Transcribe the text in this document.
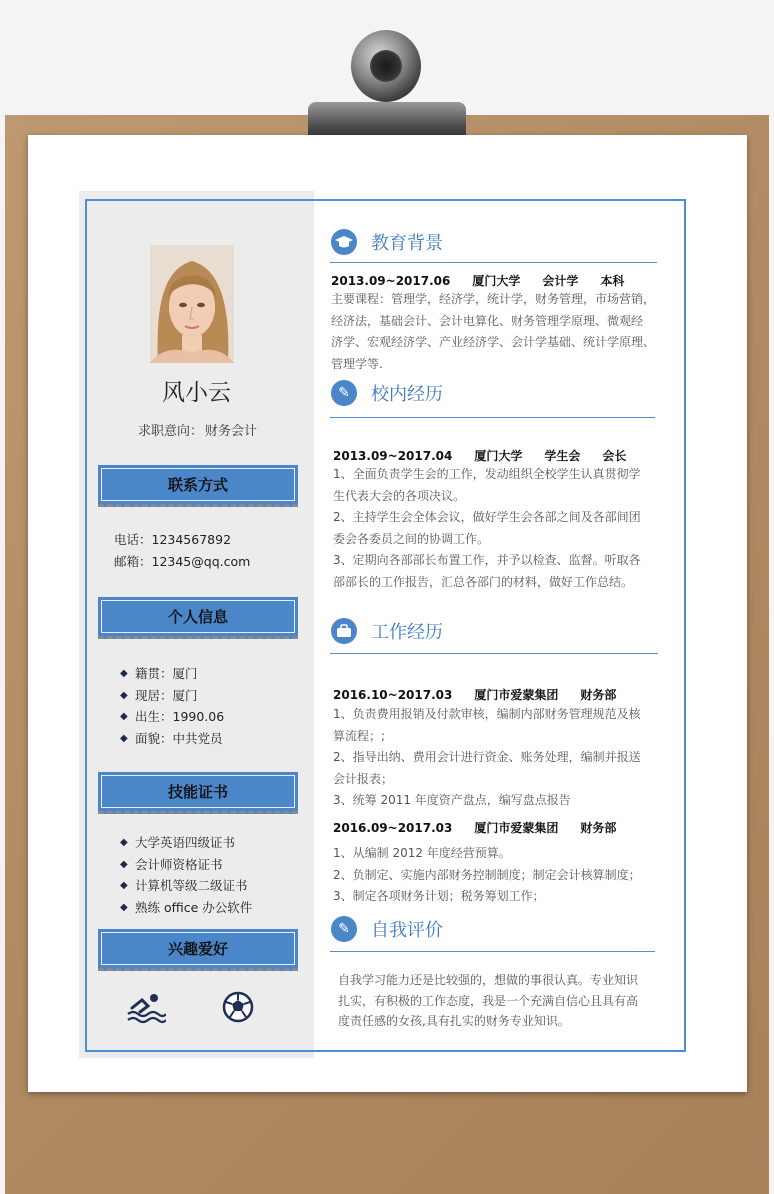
风小云
求职意向： 财务会计
联系方式
电话：1234567892
邮箱：12345@qq.com
个人信息
◆ 籍贯：厦门
◆ 现居：厦门
◆ 出生：1990.06
◆ 面貌：中共党员
技能证书
◆ 大学英语四级证书
◆ 会计师资格证书
◆ 计算机等级二级证书
◆ 熟练 office 办公软件
兴趣爱好
教育背景
2013.09~2017.06 厦门大学 会计学 本科

主要课程：管理学，经济学，统计学，财务管理，市场营销，

经济法，基础会计、会计电算化、财务管理学原理、微观经

济学、宏观经济学、产业经济学、会计学基础、统计学原理、

管理学等.

✎	校内经历
2013.09~2017.04 厦门大学 学生会 会长

1、全面负责学生会的工作，发动组织全校学生认真贯彻学

生代表大会的各项决议。

2、主持学生会全体会议，做好学生会各部之间及各部间团

委会各委员之间的协调工作。

3、定期向各部部长布置工作，并予以检查、监督。听取各

部部长的工作报告，汇总各部门的材料，做好工作总结。

工作经历
2016.10~2017.03 厦门市爱蒙集团 财务部

1、负责费用报销及付款审核，编制内部财务管理规范及核

算流程；;

2、指导出纳、费用会计进行资金、账务处理，编制并报送

会计报表；

3、统筹 2011 年度资产盘点，编写盘点报告

2016.09~2017.03 厦门市爱蒙集团 财务部

1、从编制 2012 年度经营预算。

2、负制定、实施内部财务控制制度；制定会计核算制度；

3、制定各项财务计划；税务筹划工作；

✎	自我评价

自我学习能力还是比较强的，想做的事很认真。专业知识

扎实，有积极的工作态度，我是一个充满自信心且具有高

度责任感的女孩,具有扎实的财务专业知识。
